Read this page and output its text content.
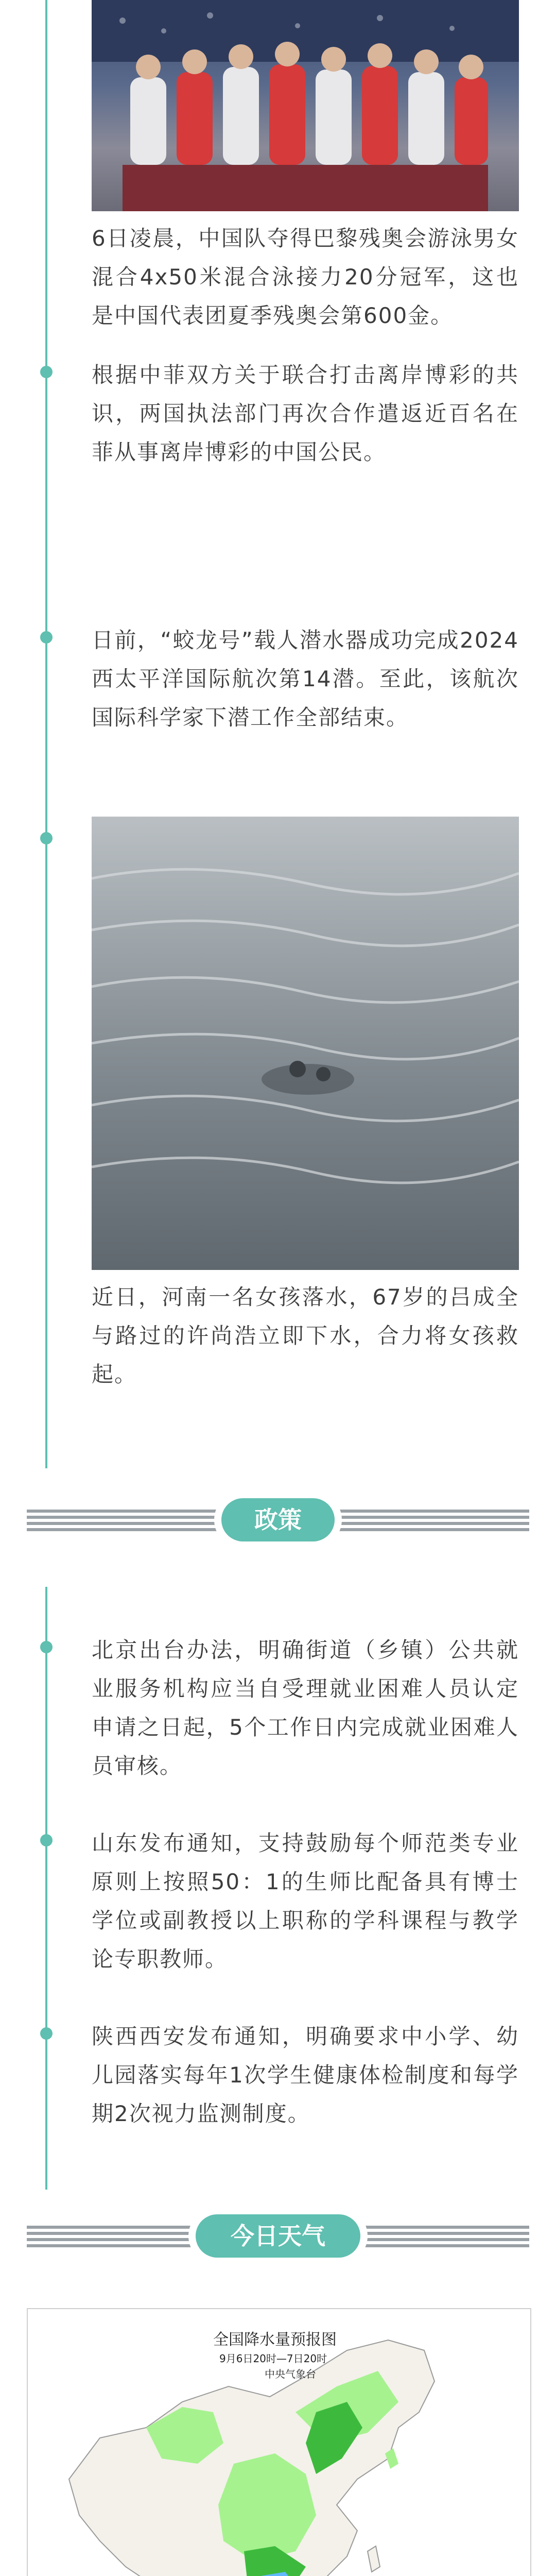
6日凌晨，中国队夺得巴黎残奥会游泳男女混合4x50米混合泳接力20分冠军，这也是中国代表团夏季残奥会第600金。
根据中菲双方关于联合打击离岸博彩的共识，两国执法部门再次合作遣返近百名在菲从事离岸博彩的中国公民。
日前，“蛟龙号”载人潜水器成功完成2024西太平洋国际航次第14潜。至此，该航次国际科学家下潜工作全部结束。
近日，河南一名女孩落水，67岁的吕成全与路过的许尚浩立即下水，合力将女孩救起。
政策
北京出台办法，明确街道（乡镇）公共就业服务机构应当自受理就业困难人员认定申请之日起，5个工作日内完成就业困难人员审核。
山东发布通知，支持鼓励每个师范类专业原则上按照50：1的生师比配备具有博士学位或副教授以上职称的学科课程与教学论专职教师。
陕西西安发布通知，明确要求中小学、幼儿园落实每年1次学生健康体检制度和每学期2次视力监测制度。
今日天气
全国降水量预报图
9月6日20时—7日20时
中央气象台
